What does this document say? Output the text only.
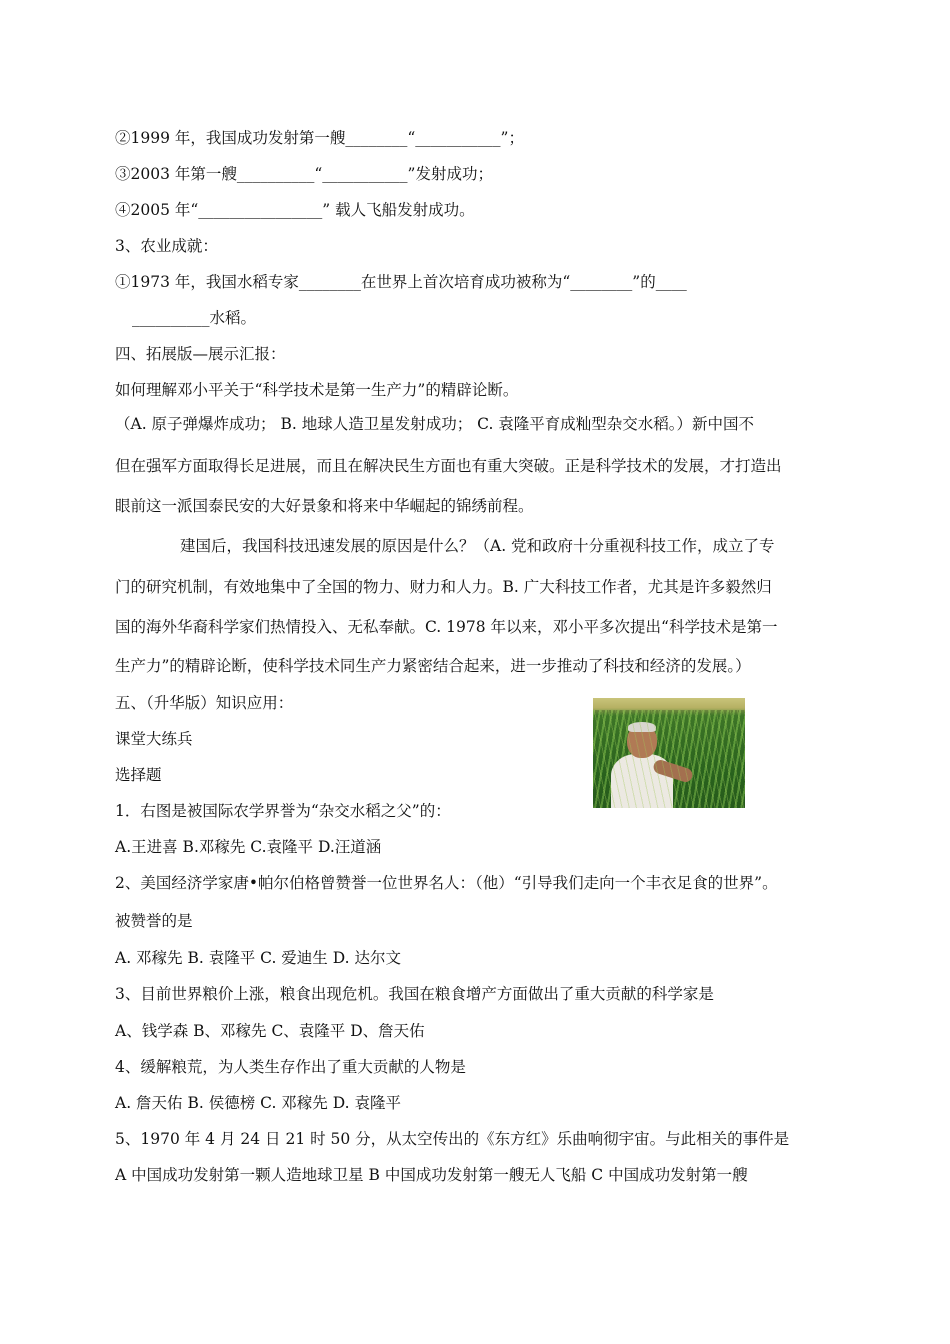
②1999 年，我国成功发射第一艘________“___________”；
③2003 年第一艘__________“___________”发射成功；
④2005 年“________________” 载人飞船发射成功。
3、农业成就：
①1973 年，我国水稻专家________在世界上首次培育成功被称为“________”的____
__________水稻。
四、拓展版—展示汇报：
如何理解邓小平关于“科学技术是第一生产力”的精辟论断。
（A. 原子弹爆炸成功； B. 地球人造卫星发射成功； C. 袁隆平育成籼型杂交水稻。）新中国不
但在强军方面取得长足进展，而且在解决民生方面也有重大突破。正是科学技术的发展，才打造出
眼前这一派国泰民安的大好景象和将来中华崛起的锦绣前程。
建国后，我国科技迅速发展的原因是什么？（A. 党和政府十分重视科技工作，成立了专
门的研究机制，有效地集中了全国的物力、财力和人力。B. 广大科技工作者，尤其是许多毅然归
国的海外华裔科学家们热情投入、无私奉献。C. 1978 年以来，邓小平多次提出“科学技术是第一
生产力”的精辟论断，使科学技术同生产力紧密结合起来，进一步推动了科技和经济的发展。）
五、（升华版）知识应用：
课堂大练兵
选择题
1．右图是被国际农学界誉为“杂交水稻之父”的：
A.王进喜 B.邓稼先 C.袁隆平 D.汪道涵
2、美国经济学家唐•帕尔伯格曾赞誉一位世界名人：（他）“引导我们走向一个丰衣足食的世界”。
被赞誉的是
A. 邓稼先 B. 袁隆平 C. 爱迪生 D. 达尔文
3、目前世界粮价上涨，粮食出现危机。我国在粮食增产方面做出了重大贡献的科学家是
A、钱学森 B、邓稼先 C、袁隆平 D、詹天佑
4、缓解粮荒，为人类生存作出了重大贡献的人物是
A. 詹天佑 B. 侯德榜 C. 邓稼先 D. 袁隆平
5、1970 年 4 月 24 日 21 时 50 分，从太空传出的《东方红》乐曲响彻宇宙。与此相关的事件是
A 中国成功发射第一颗人造地球卫星 B 中国成功发射第一艘无人飞船 C 中国成功发射第一艘
